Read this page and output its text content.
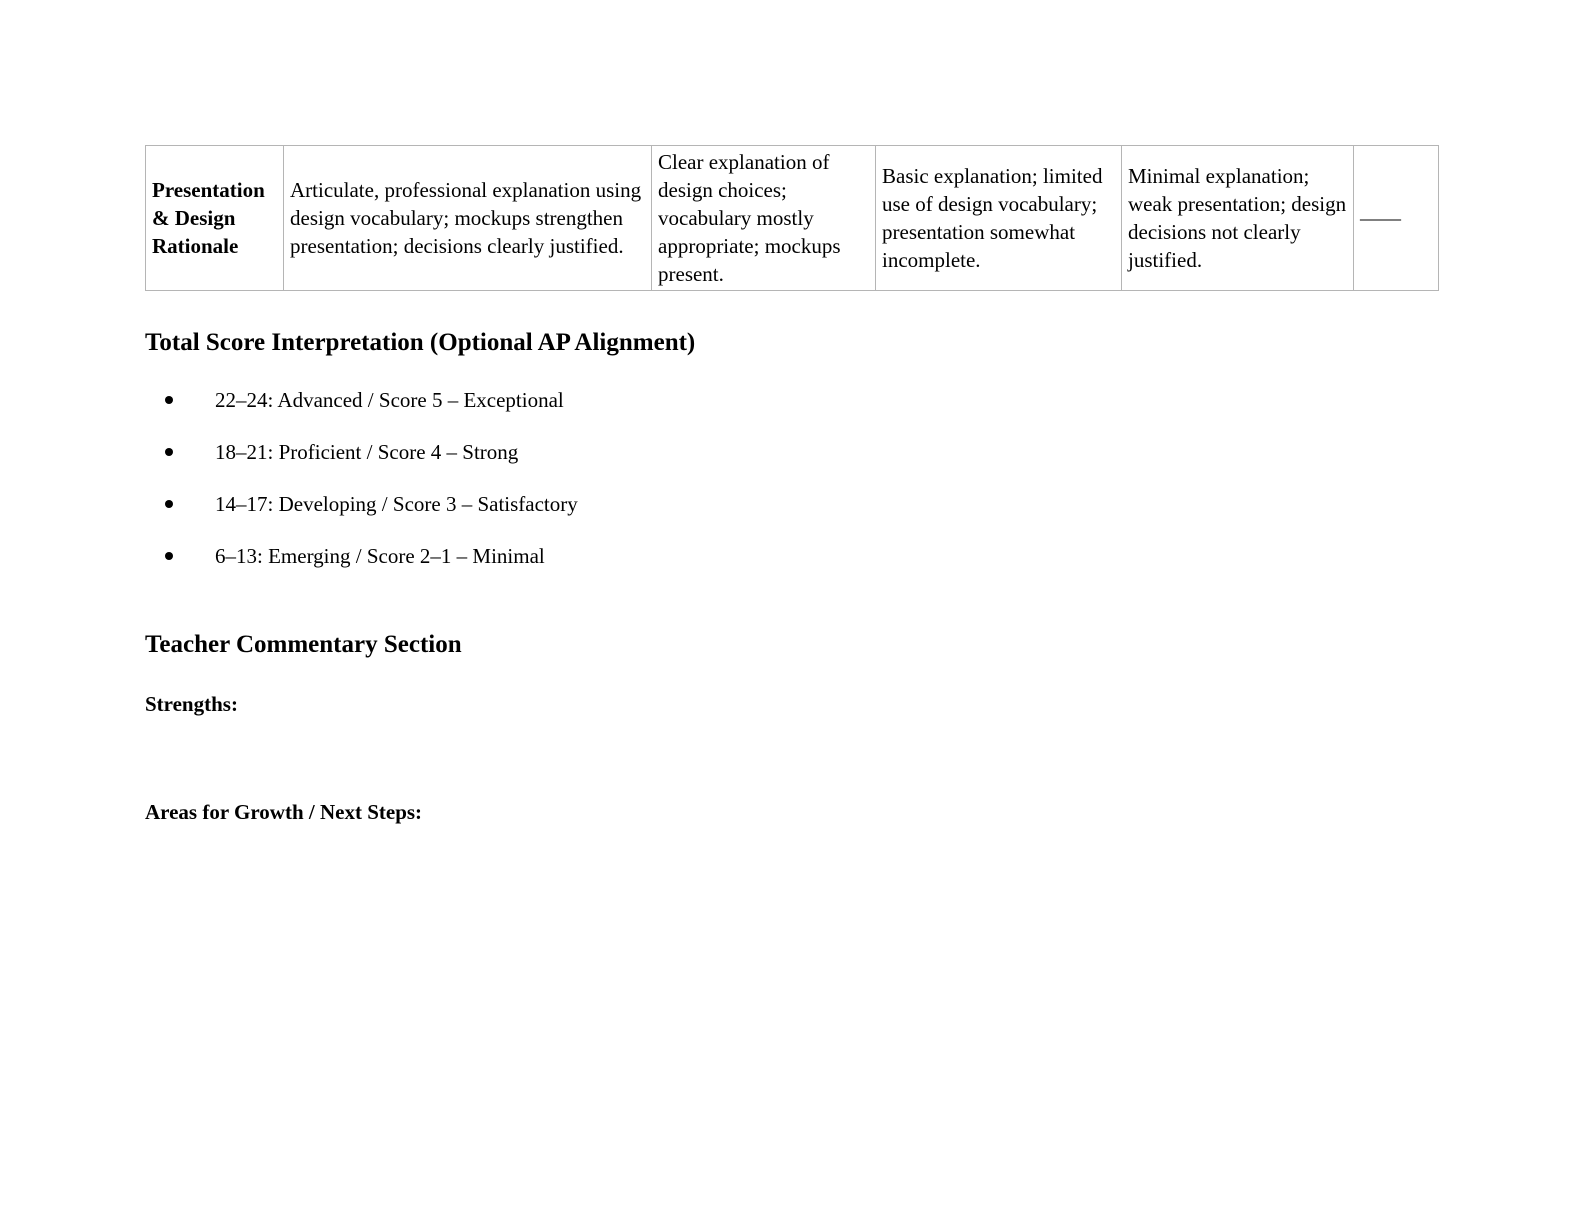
Presentation & Design Rationale	Articulate, professional explanation using design vocabulary; mockups strengthen presentation; decisions clearly justified.	Clear explanation of design choices; vocabulary mostly appropriate; mockups present.	Basic explanation; limited use of design vocabulary; presentation somewhat incomplete.	Minimal explanation; weak presentation; design decisions not clearly justified.	——
Total Score Interpretation (Optional AP Alignment)
22–24: Advanced / Score 5 – Exceptional
18–21: Proficient / Score 4 – Strong
14–17: Developing / Score 3 – Satisfactory
6–13: Emerging / Score 2–1 – Minimal
Teacher Commentary Section

Strengths:

Areas for Growth / Next Steps:
